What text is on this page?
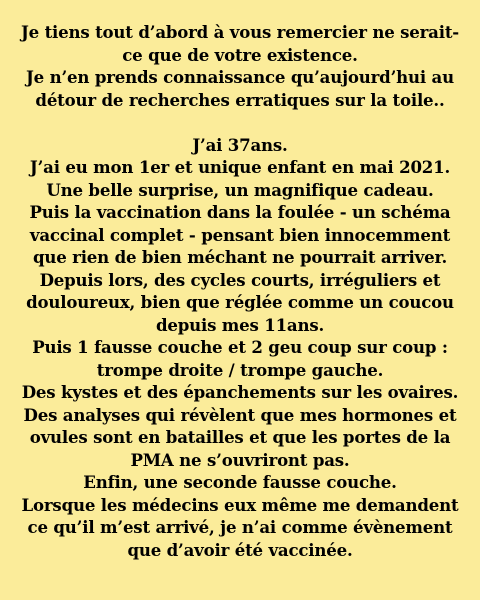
Je tiens tout d’abord à vous remercier ne serait-
ce que de votre existence.
Je n’en prends connaissance qu’aujourd’hui au
détour de recherches erratiques sur la toile..
J’ai 37ans.
J’ai eu mon 1er et unique enfant en mai 2021.
Une belle surprise, un magnifique cadeau.
Puis la vaccination dans la foulée - un schéma
vaccinal complet - pensant bien innocemment
que rien de bien méchant ne pourrait arriver.
Depuis lors, des cycles courts, irréguliers et
douloureux, bien que réglée comme un coucou
depuis mes 11ans.
Puis 1 fausse couche et 2 geu coup sur coup :
trompe droite / trompe gauche.
Des kystes et des épanchements sur les ovaires.
Des analyses qui révèlent que mes hormones et
ovules sont en batailles et que les portes de la
PMA ne s’ouvriront pas.
Enfin, une seconde fausse couche.
Lorsque les médecins eux même me demandent
ce qu’il m’est arrivé, je n’ai comme évènement
que d’avoir été vaccinée.
